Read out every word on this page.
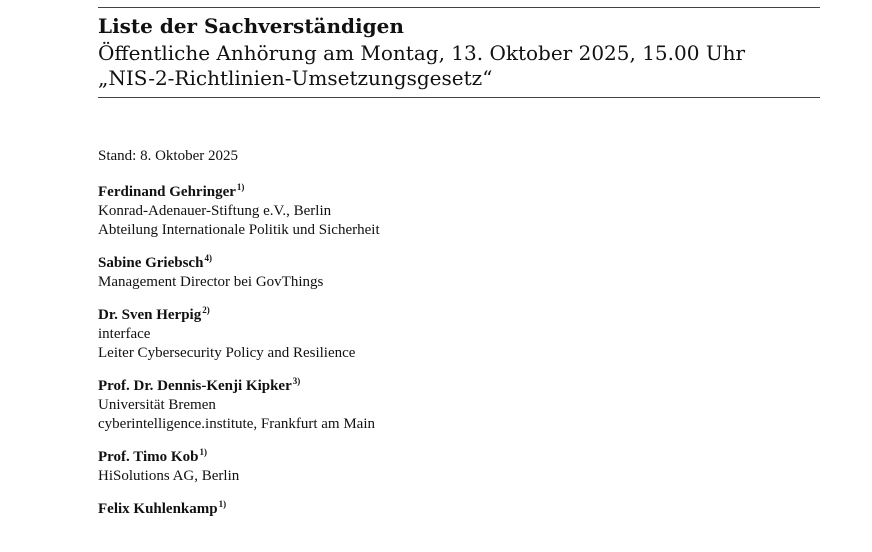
Liste der Sachverständigen
Öffentliche Anhörung am Montag, 13. Oktober 2025, 15.00 Uhr
„NIS-2-Richtlinien-Umsetzungsgesetz“
Stand: 8. Oktober 2025
Ferdinand Gehringer$^{1)}$
Konrad-Adenauer-Stiftung e.V., Berlin
Abteilung Internationale Politik und Sicherheit
Sabine Griebsch$^{4)}$
Management Director bei GovThings
Dr. Sven Herpig$^{2)}$
interface
Leiter Cybersecurity Policy and Resilience
Prof. Dr. Dennis-Kenji Kipker$^{3)}$
Universität Bremen
cyberintelligence.institute, Frankfurt am Main
Prof. Timo Kob$^{1)}$
HiSolutions AG, Berlin
Felix Kuhlenkamp$^{1)}$
